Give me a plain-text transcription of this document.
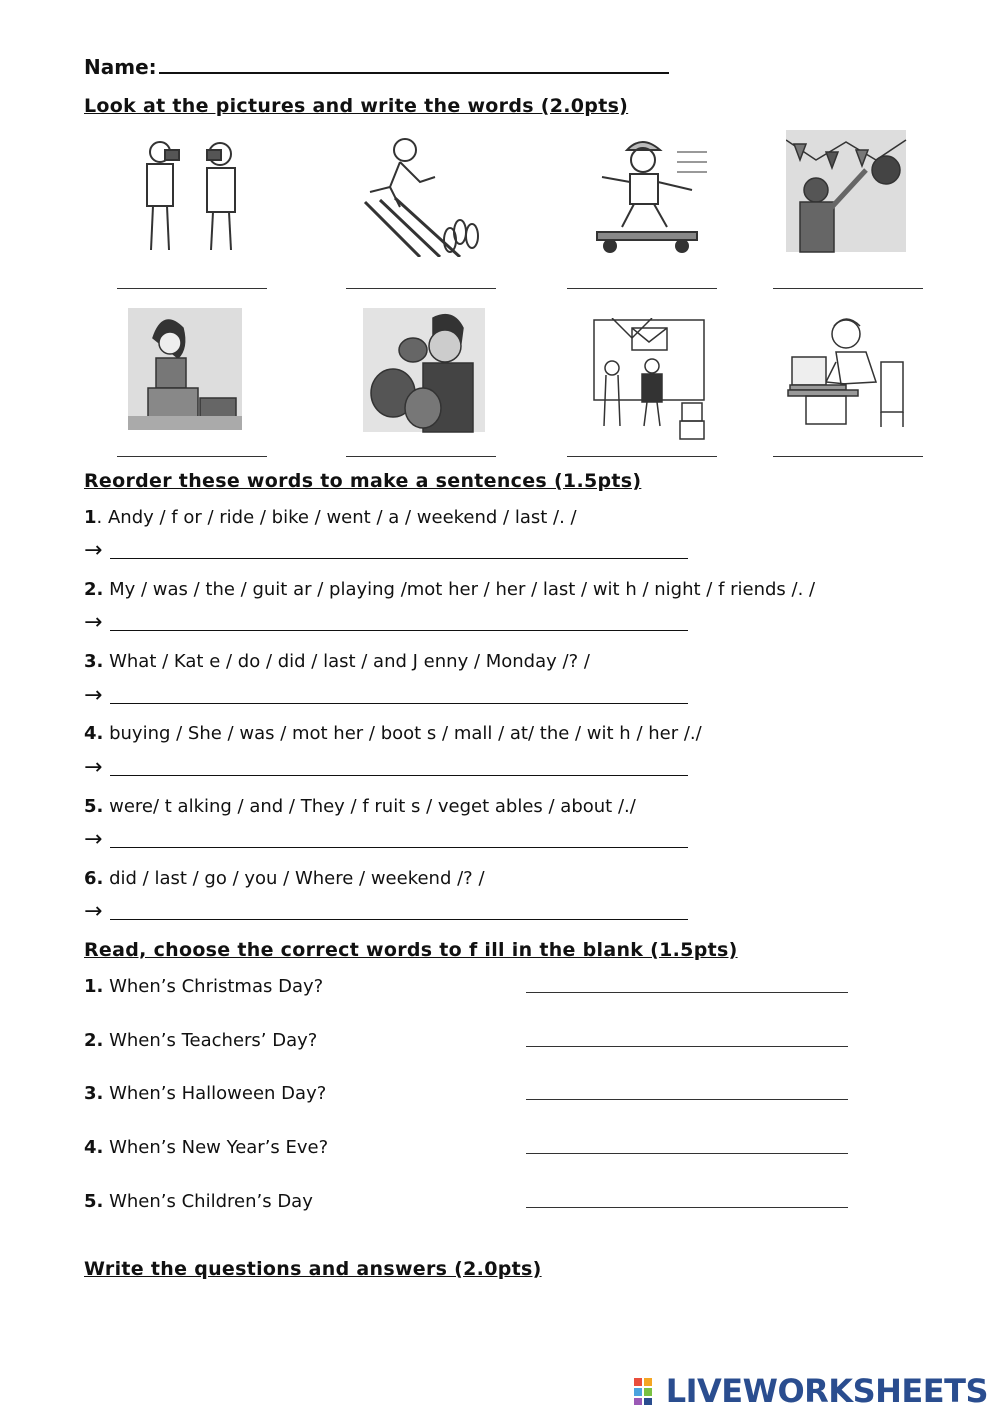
Name:
Look at the pictures and write the words (2.0pts)
Reorder these words to make a sentences (1.5pts)
1. Andy / f or / ride / bike / went / a / weekend / last /. /
→
2. My / was / the / guit ar / playing /mot her / her / last / wit h / night / f riends /. /
→
3. What / Kat e / do / did / last / and J enny / Monday /? /
→
4. buying / She / was / mot her / boot s / mall / at/ the / wit h / her /./
→
5. were/ t alking / and / They / f ruit s / veget ables / about /./
→
6. did / last / go / you / Where / weekend /? /
→
Read, choose the correct words to f ill in the blank (1.5pts)
1. When’s Christmas Day?
2. When’s Teachers’ Day?
3. When’s Halloween Day?
4. When’s New Year’s Eve?
5. When’s Children’s Day
Write the questions and answers (2.0pts)
LIVEWORKSHEETS
